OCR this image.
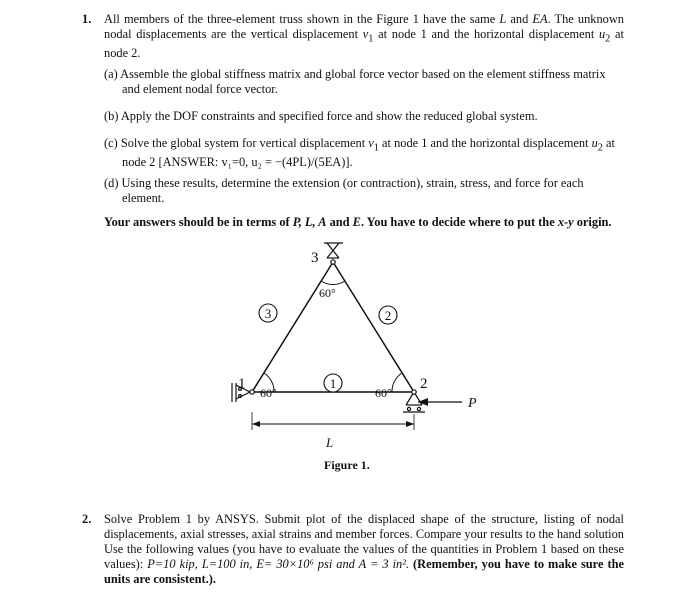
1. All members of the three-element truss shown in the Figure 1 have the same L and EA. The unknown nodal displacements are the vertical displacement $v_1$ at node 1 and the horizontal displacement $u_2$ at node 2.
(a) Assemble the global stiffness matrix and global force vector based on the element stiffness matrix and element nodal force vector.
(b) Apply the DOF constraints and specified force and show the reduced global system.
(c) Solve the global system for vertical displacement $v_1$ at node 1 and the horizontal displacement $u_2$ at node 2 [ANSWER: v₁=0, u₂ = −(4PL)/(5EA)].
(d) Using these results, determine the extension (or contraction), strain, stress, and force for each element.
Your answers should be in terms of P, L, A and E. You have to decide where to put the x-y origin.
3	2
1
1	2
3
60°
60°	60°
P
L
Figure 1.
2. Solve Problem 1 by ANSYS. Submit plot of the displaced shape of the structure, listing of nodal displacements, axial stresses, axial strains and member forces. Compare your results to the hand solution Use the following values (you have to evaluate the values of the quantities in Problem 1 based on these values): P=10 kip, L=100 in, E= 30×10⁶ psi and A = 3 in². (Remember, you have to make sure the units are consistent.).
